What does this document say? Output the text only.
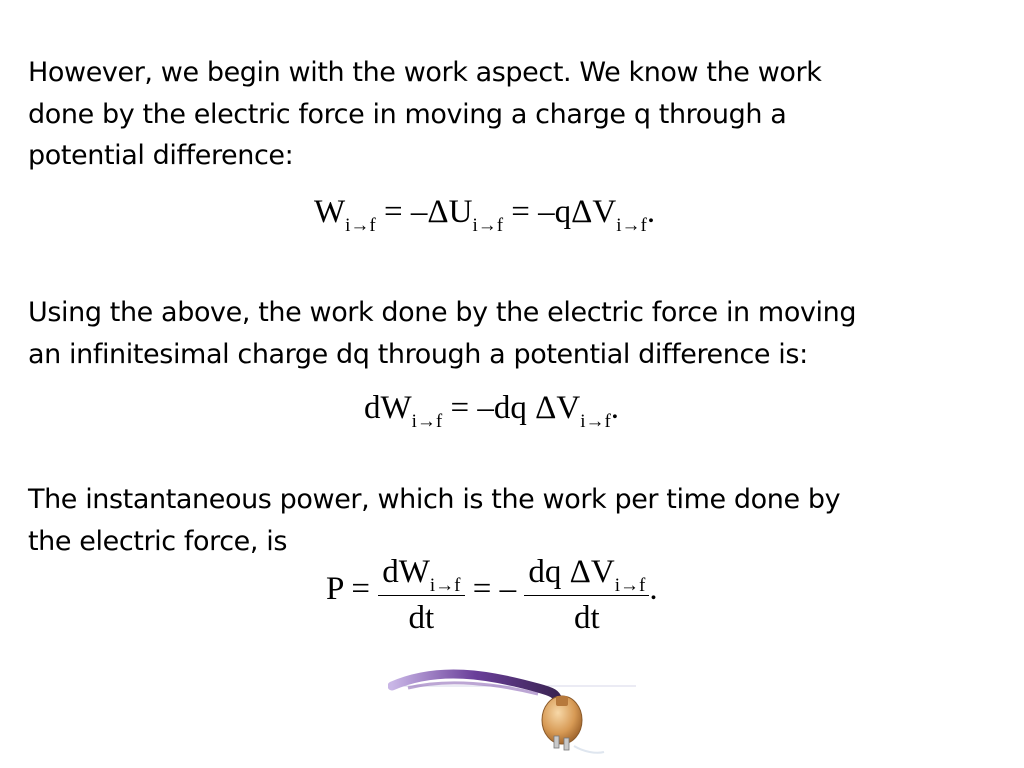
However, we begin with the work aspect. We know the work
done by the electric force in moving a charge q through a
potential difference:
$W_{i\to f} = -\Delta U_{i\to f} = -q\Delta V_{i\to f}$.
Using the above, the work done by the electric force in moving
an infinitesimal charge dq through a potential difference is:
$dW_{i\to f} = -dq$ $\Delta V_{i\to f}$.
The instantaneous power, which is the work per time done by
the electric force, is
$P = \frac{dW_{i\to f}}{dt}$ = – $\frac{dq \Delta V_{i\to f}}{dt}$ .
